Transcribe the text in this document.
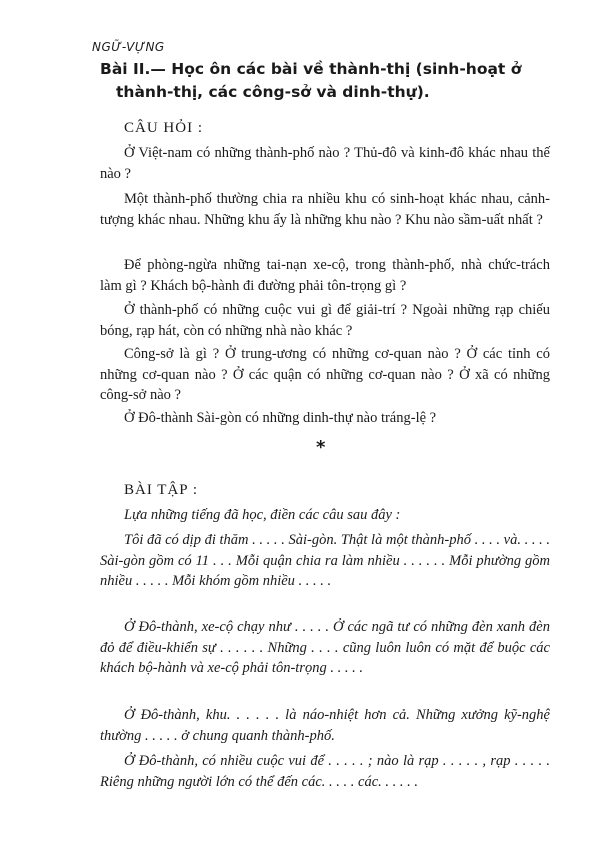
NGỮ-VỰNG
Bài II.— Học ôn các bài về thành-thị (sinh-hoạt ở
thành-thị, các công-sở và dinh-thự).
CÂU HỎI :

Ở Việt-nam có những thành-phố nào ? Thủ-đô và kinh-đô khác nhau thế nào ?

Một thành-phố thường chia ra nhiều khu có sinh-hoạt khác nhau, cảnh-tượng khác nhau. Những khu ấy là những khu nào ? Khu nào sầm-uất nhất ?

Để phòng-ngừa những tai-nạn xe-cộ, trong thành-phố, nhà chức-trách làm gì ? Khách bộ-hành đi đường phải tôn-trọng gì ?

Ở thành-phố có những cuộc vui gì để giải-trí ? Ngoài những rạp chiếu bóng, rạp hát, còn có những nhà nào khác ?

Công-sở là gì ? Ở trung-ương có những cơ-quan nào ? Ở các tỉnh có những cơ-quan nào ? Ở các quận có những cơ-quan nào ? Ở xã có những công-sở nào ?

Ở Đô-thành Sài-gòn có những dinh-thự nào tráng-lệ ?

*
BÀI TẬP :
Lựa những tiếng đã học, điền các câu sau đây :

Tôi đã có dịp đi thăm . . . . . Sài-gòn. Thật là một thành-phố . . . . và. . . . . Sài-gòn gồm có 11 . . . Mỗi quận chia ra làm nhiều . . . . . . Mỗi phường gồm nhiều . . . . . Mỗi khóm gồm nhiều . . . . .

Ở Đô-thành, xe-cộ chạy như . . . . . Ở các ngã tư có những đèn xanh đèn đỏ để điều-khiển sự . . . . . . Những . . . . cũng luôn luôn có mặt để buộc các khách bộ-hành và xe-cộ phải tôn-trọng . . . . .

Ở Đô-thành, khu. . . . . . là náo-nhiệt hơn cả. Những xưởng kỹ-nghệ thường . . . . . ở chung quanh thành-phố.

Ở Đô-thành, có nhiều cuộc vui để . . . . . ; nào là rạp . . . . . , rạp . . . . . Riêng những người lớn có thể đến các. . . . . các. . . . . .
